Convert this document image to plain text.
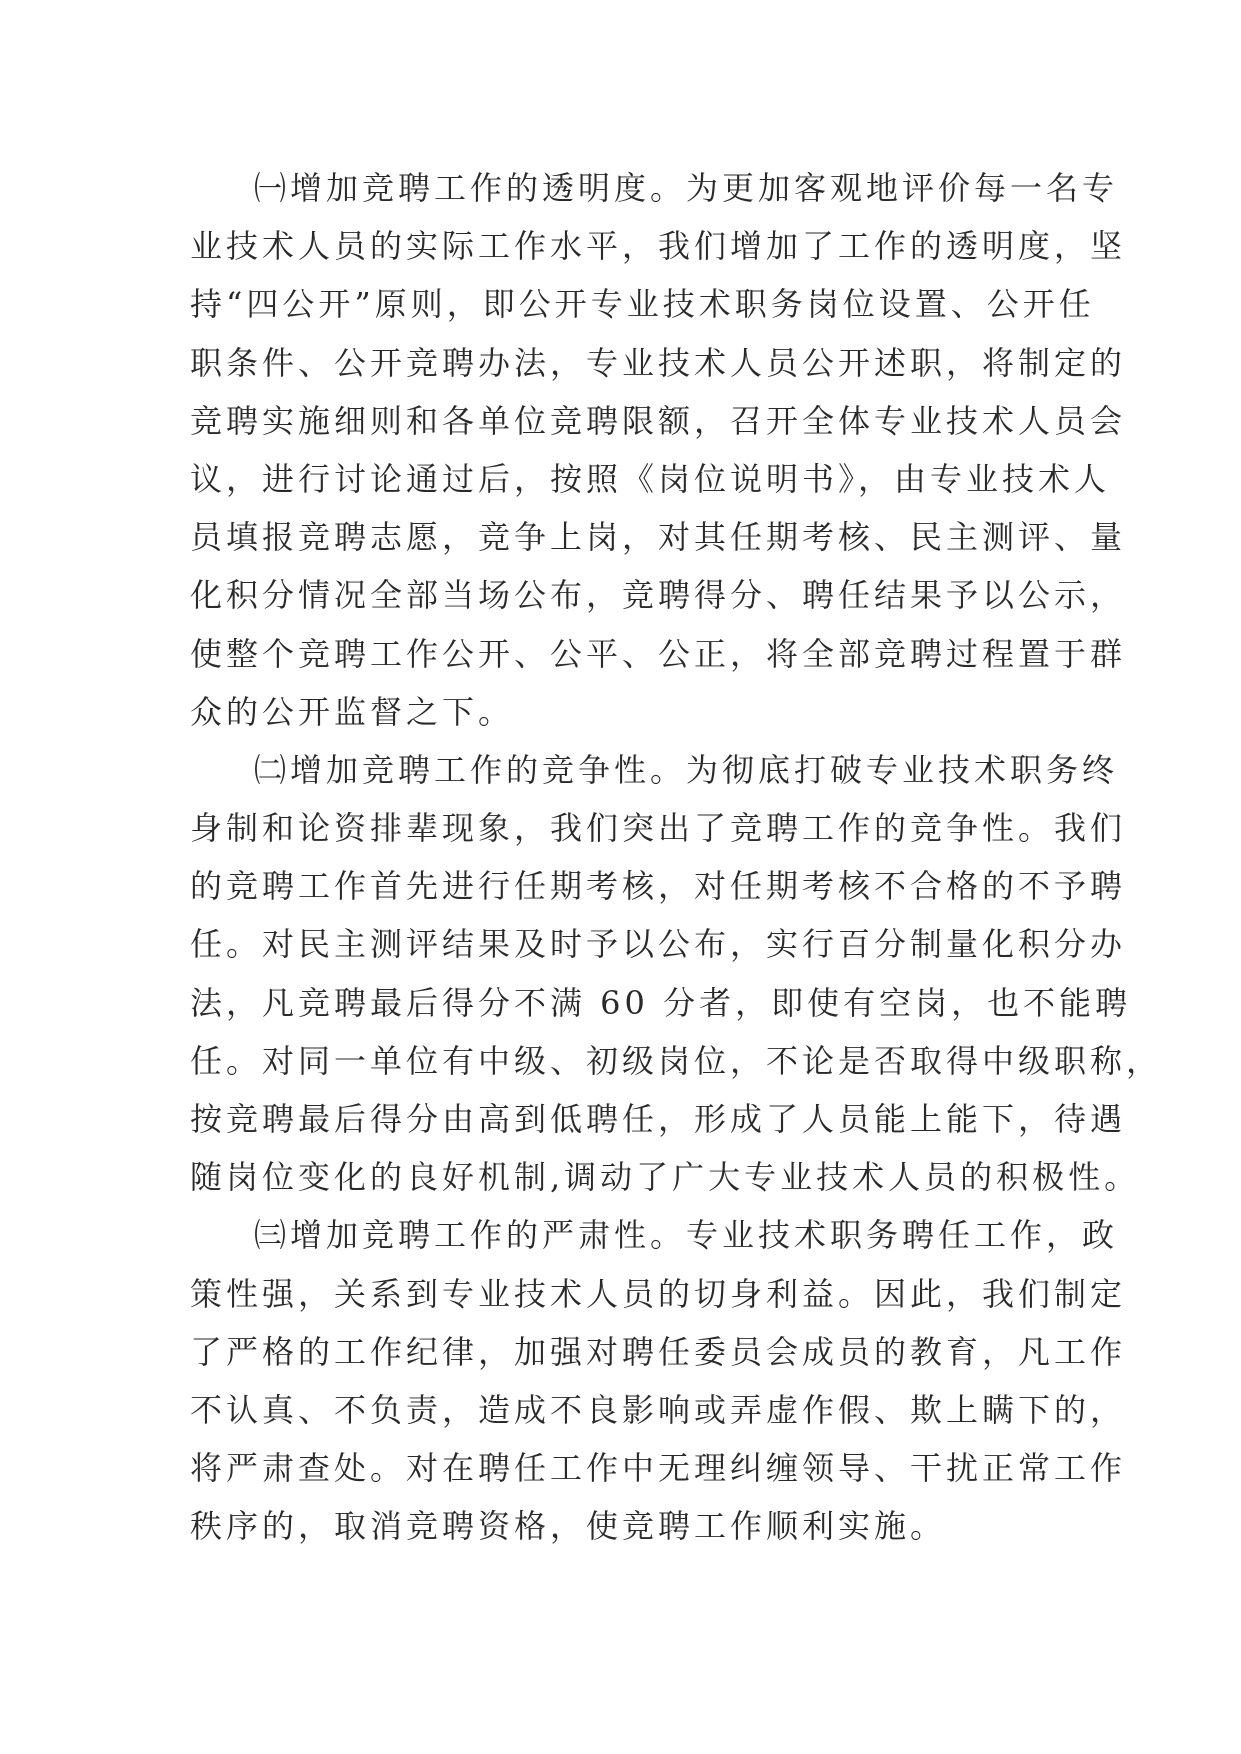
㈠增加竞聘工作的透明度。为更加客观地评价每一名专
业技术人员的实际工作水平，我们增加了工作的透明度，坚
持“四公开”原则，即公开专业技术职务岗位设置、公开任
职条件、公开竞聘办法，专业技术人员公开述职，将制定的
竞聘实施细则和各单位竞聘限额，召开全体专业技术人员会
议，进行讨论通过后，按照《岗位说明书》，由专业技术人
员填报竞聘志愿，竞争上岗，对其任期考核、民主测评、量
化积分情况全部当场公布，竞聘得分、聘任结果予以公示，
使整个竞聘工作公开、公平、公正，将全部竞聘过程置于群
众的公开监督之下。
㈡增加竞聘工作的竞争性。为彻底打破专业技术职务终
身制和论资排辈现象，我们突出了竞聘工作的竞争性。我们
的竞聘工作首先进行任期考核，对任期考核不合格的不予聘
任。对民主测评结果及时予以公布，实行百分制量化积分办
法，凡竞聘最后得分不满 60 分者，即使有空岗，也不能聘
任。对同一单位有中级、初级岗位，不论是否取得中级职称，
按竞聘最后得分由高到低聘任，形成了人员能上能下，待遇
随岗位变化的良好机制,调动了广大专业技术人员的积极性。
㈢增加竞聘工作的严肃性。专业技术职务聘任工作，政
策性强，关系到专业技术人员的切身利益。因此，我们制定
了严格的工作纪律，加强对聘任委员会成员的教育，凡工作
不认真、不负责，造成不良影响或弄虚作假、欺上瞒下的，
将严肃查处。对在聘任工作中无理纠缠领导、干扰正常工作
秩序的，取消竞聘资格，使竞聘工作顺利实施。
